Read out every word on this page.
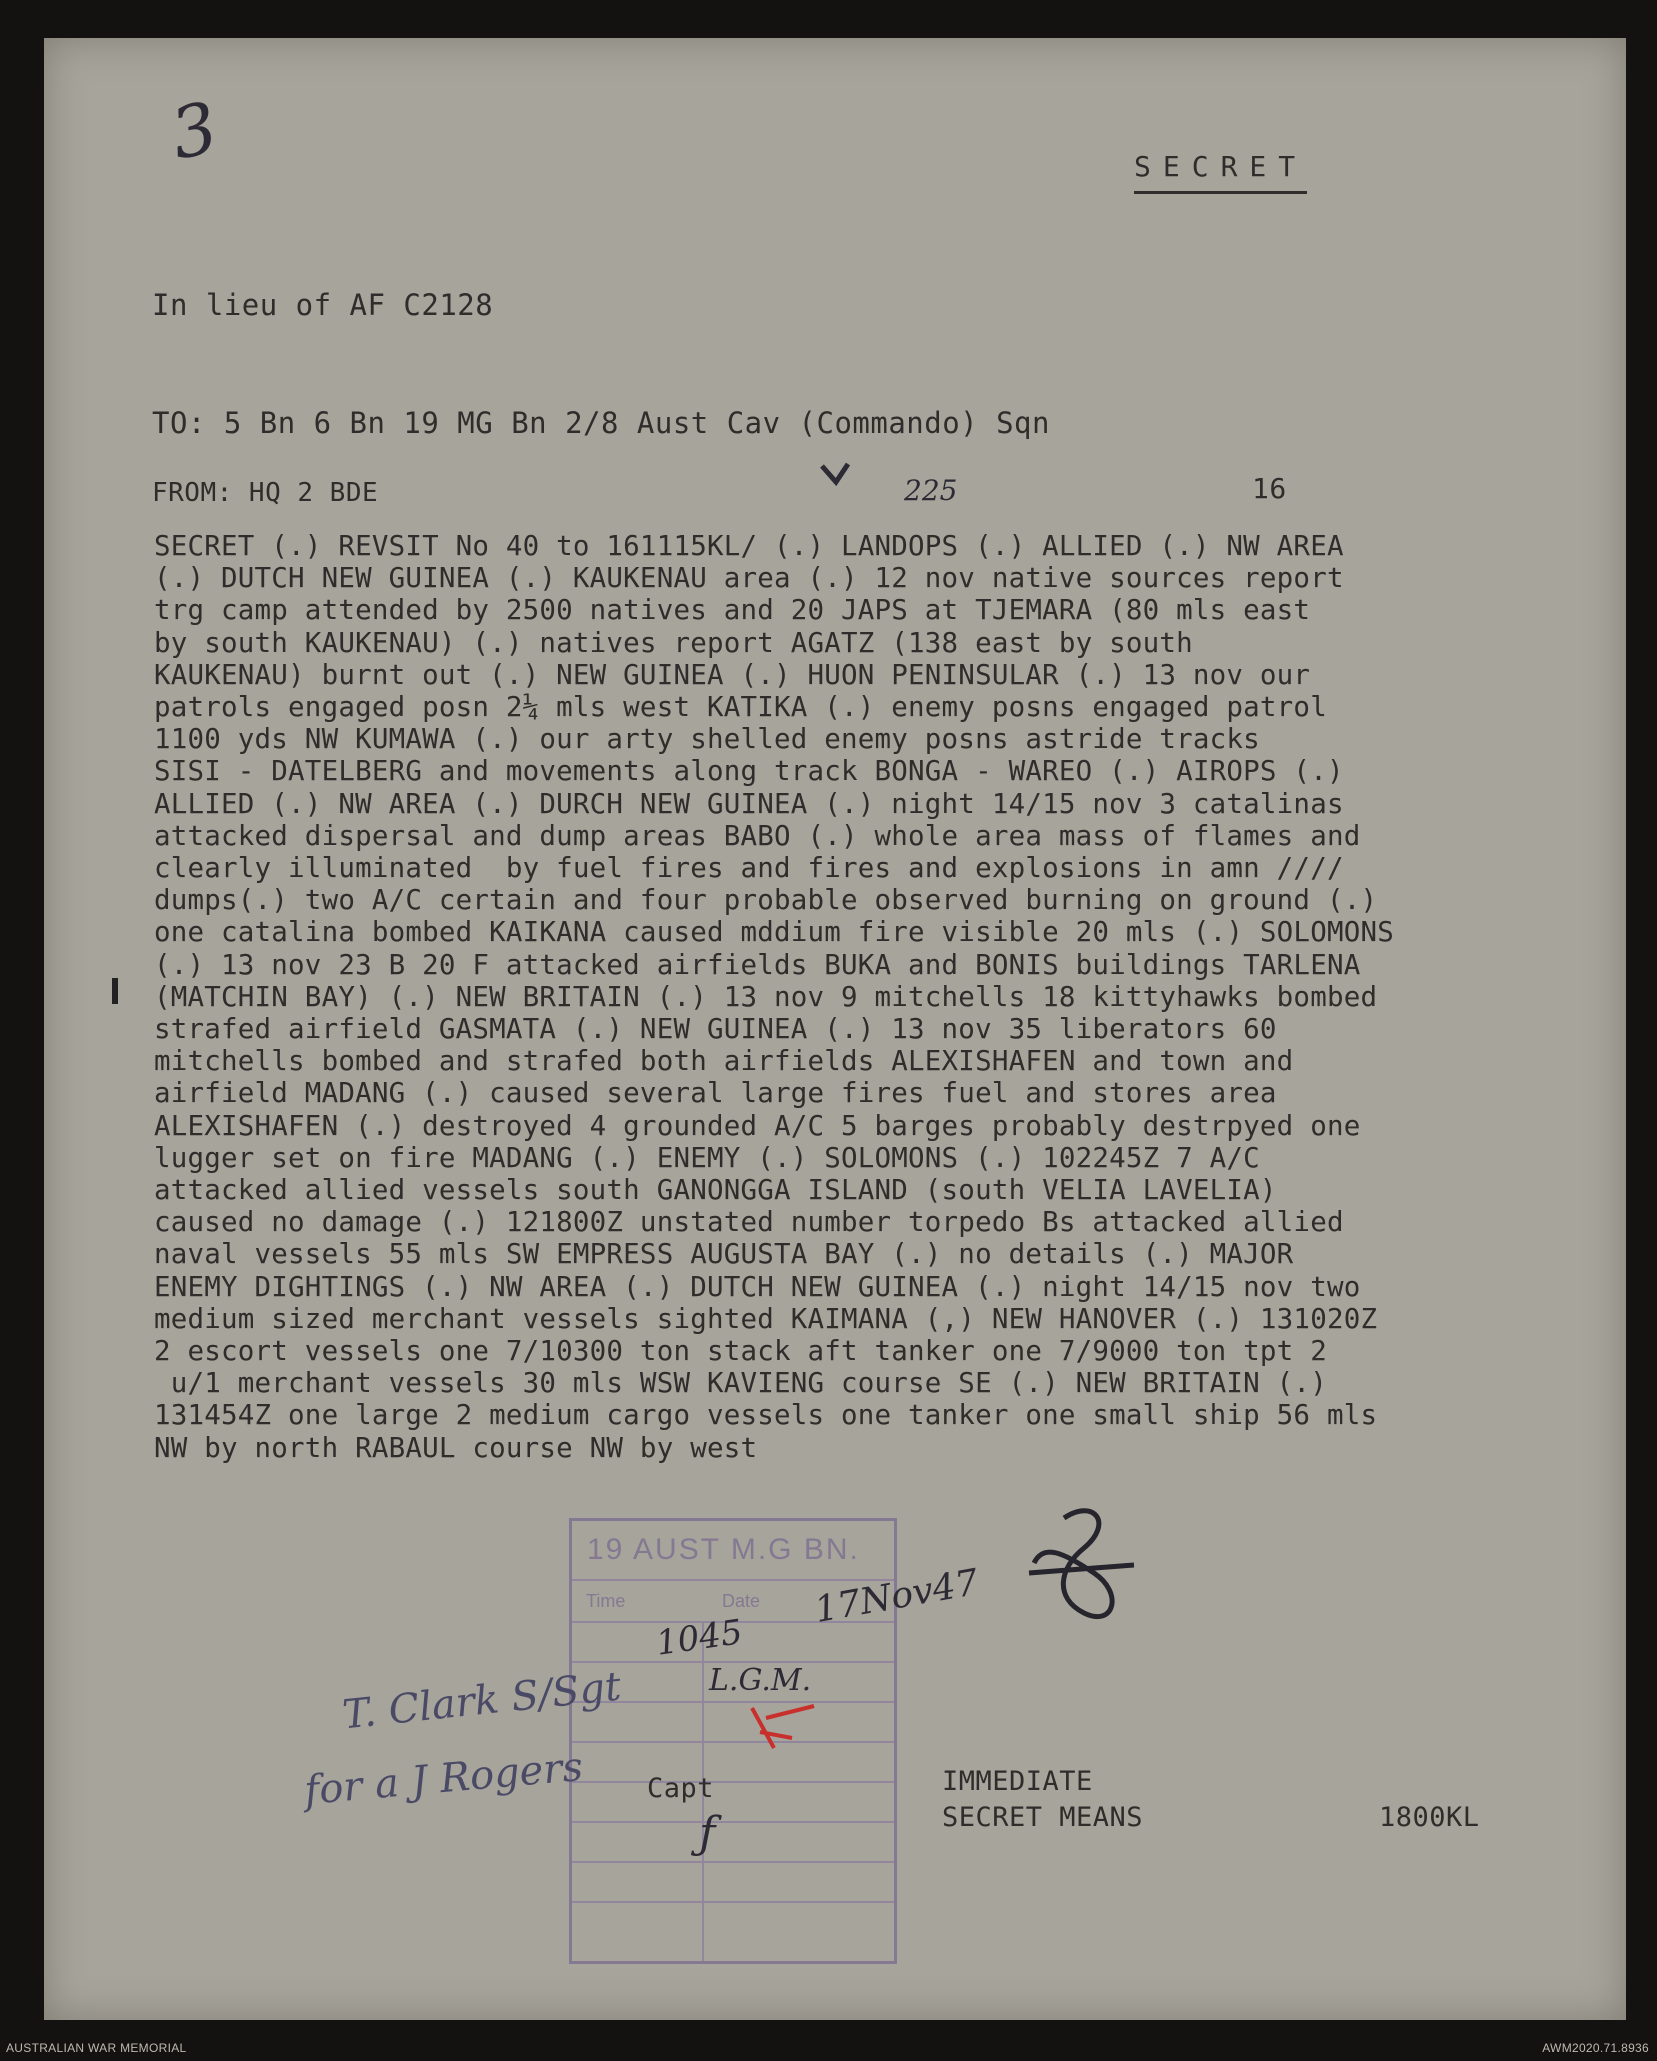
3	SECRET
In lieu of AF C2128
TO: 5 Bn 6 Bn 19 MG Bn 2/8 Aust Cav (Commando) Sqn
FROM: HQ 2 BDE	225	16
SECRET (.) REVSIT No 40 to 161115KL/ (.) LANDOPS (.) ALLIED (.) NW AREA
(.) DUTCH NEW GUINEA (.) KAUKENAU area (.) 12 nov native sources report
trg camp attended by 2500 natives and 20 JAPS at TJEMARA (80 mls east
by south KAUKENAU) (.) natives report AGATZ (138 east by south
KAUKENAU) burnt out (.) NEW GUINEA (.) HUON PENINSULAR (.) 13 nov our
patrols engaged posn 2¼ mls west KATIKA (.) enemy posns engaged patrol
1100 yds NW KUMAWA (.) our arty shelled enemy posns astride tracks
SISI - DATELBERG and movements along track BONGA - WAREO (.) AIROPS (.)
ALLIED (.) NW AREA (.) DURCH NEW GUINEA (.) night 14/15 nov 3 catalinas
attacked dispersal and dump areas BABO (.) whole area mass of flames and
clearly illuminated  by fuel fires and fires and explosions in amn ////
dumps(.) two A/C certain and four probable observed burning on ground (.)
one catalina bombed KAIKANA caused mddium fire visible 20 mls (.) SOLOMONS
(.) 13 nov 23 B 20 F attacked airfields BUKA and BONIS buildings TARLENA
(MATCHIN BAY) (.) NEW BRITAIN (.) 13 nov 9 mitchells 18 kittyhawks bombed
strafed airfield GASMATA (.) NEW GUINEA (.) 13 nov 35 liberators 60
mitchells bombed and strafed both airfields ALEXISHAFEN and town and
airfield MADANG (.) caused several large fires fuel and stores area
ALEXISHAFEN (.) destroyed 4 grounded A/C 5 barges probably destrpyed one
lugger set on fire MADANG (.) ENEMY (.) SOLOMONS (.) 102245Z 7 A/C
attacked allied vessels south GANONGGA ISLAND (south VELIA LAVELIA)
caused no damage (.) 121800Z unstated number torpedo Bs attacked allied
naval vessels 55 mls SW EMPRESS AUGUSTA BAY (.) no details (.) MAJOR
ENEMY DIGHTINGS (.) NW AREA (.) DUTCH NEW GUINEA (.) night 14/15 nov two
medium sized merchant vessels sighted KAIMANA (,) NEW HANOVER (.) 131020Z
2 escort vessels one 7/10300 ton stack aft tanker one 7/9000 ton tpt 2
u/1 merchant vessels 30 mls WSW KAVIENG course SE (.) NEW BRITAIN (.)
131454Z one large 2 medium cargo vessels one tanker one small ship 56 mls
NW by north RABAUL course NW by west
19 AUST M.G BN.
Time	Date
1045
17Nov47
L.G.M.
T. Clark S/Sgt
for a J Rogers Capt
ƒ
IMMEDIATE
SECRET MEANS	1800KL
AUSTRALIAN WAR MEMORIAL	AWM2020.71.8936
